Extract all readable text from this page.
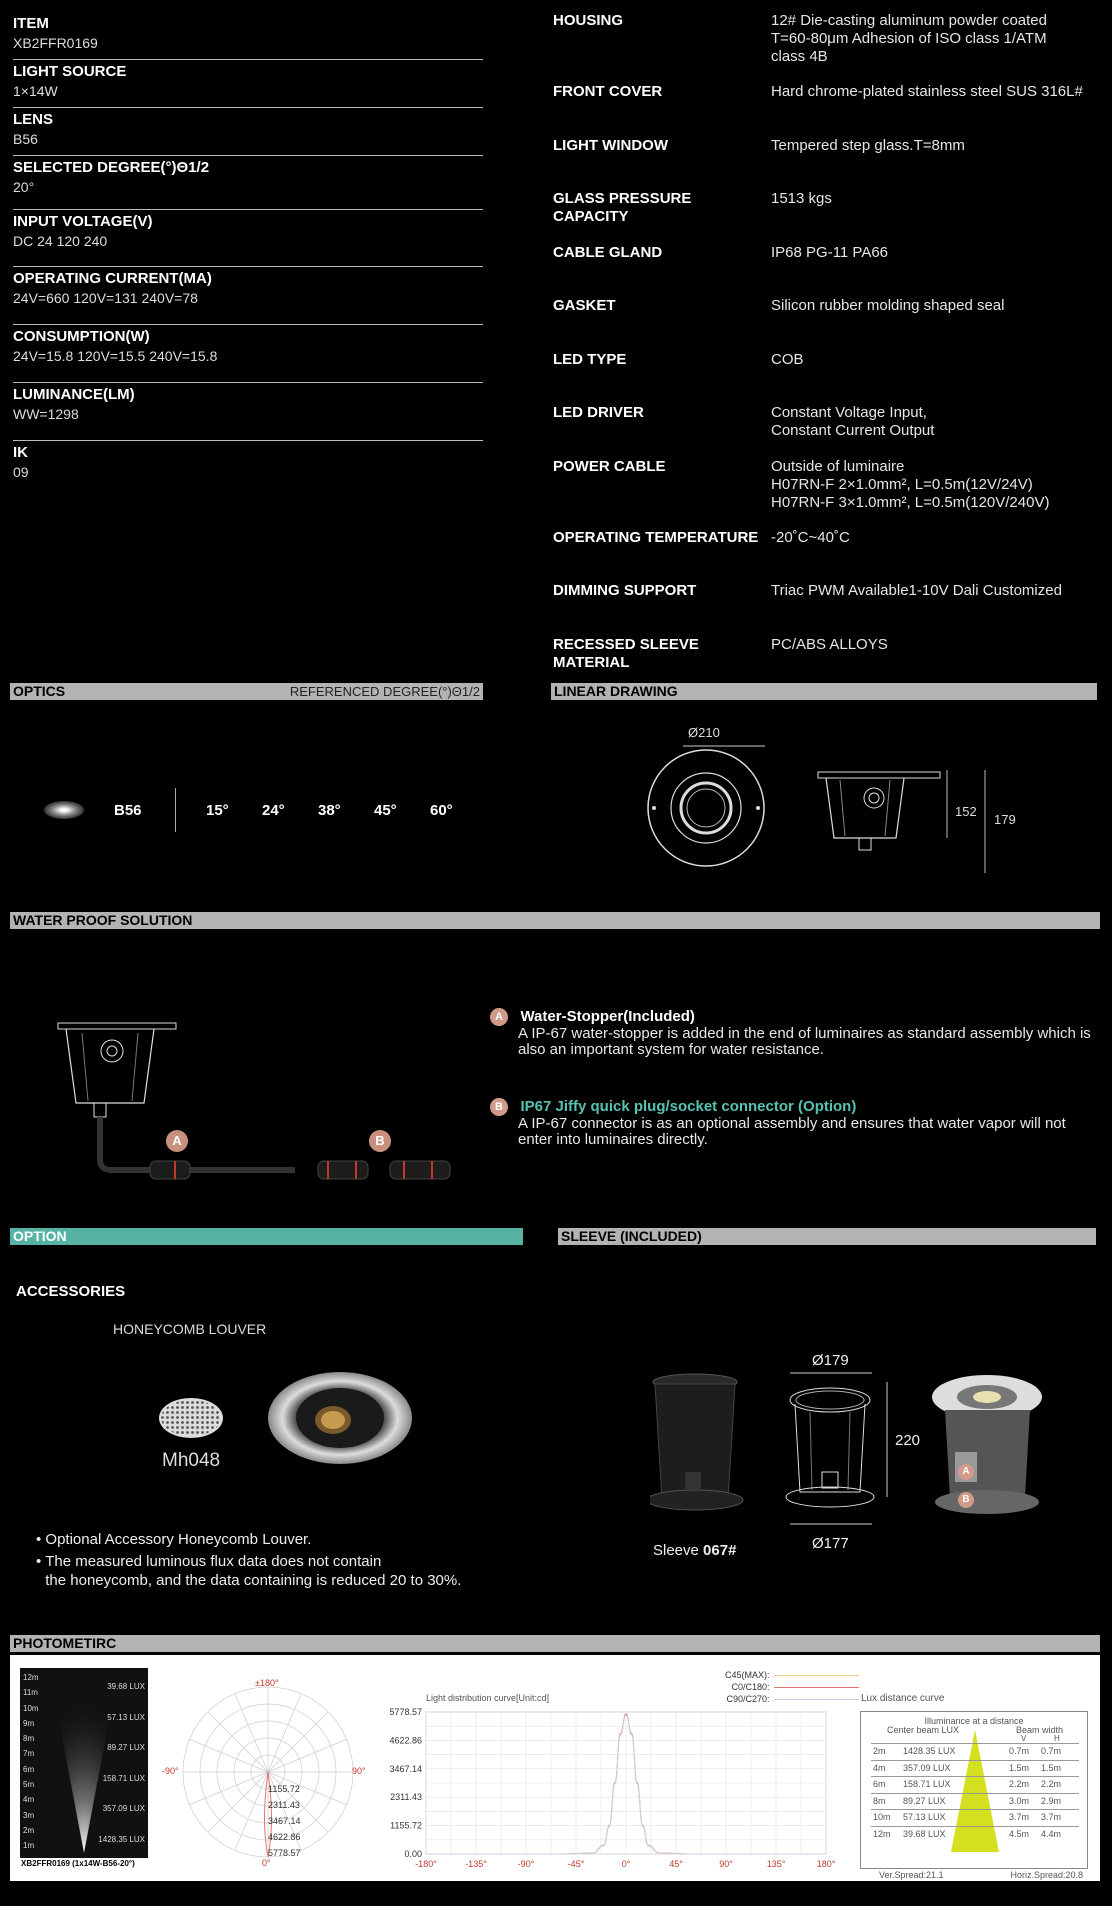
ITEM
XB2FFR0169
LIGHT SOURCE
1×14W
LENS
B56
SELECTED DEGREE(°)Θ1/2
20°
INPUT VOLTAGE(V)
DC 24 120 240
OPERATING CURRENT(MA)
24V=660 120V=131 240V=78
CONSUMPTION(W)
24V=15.8 120V=15.5 240V=15.8
LUMINANCE(LM)
WW=1298
IK
09
HOUSING	12# Die-casting aluminum powder coated
T=60-80μm Adhesion of ISO class 1/ATM
class 4B
FRONT COVER	Hard chrome-plated stainless steel SUS 316L#
LIGHT WINDOW	Tempered step glass.T=8mm
GLASS PRESSURE CAPACITY
1513 kgs
CABLE GLAND	IP68 PG-11 PA66
GASKET	Silicon rubber molding shaped seal
LED TYPE	COB
LED DRIVER	Constant Voltage Input,
Constant Current Output
POWER CABLE	Outside of luminaire
H07RN-F 2×1.0mm², L=0.5m(12V/24V)
H07RN-F 3×1.0mm², L=0.5m(120V/240V)
OPERATING TEMPERATURE -20˚C~40˚C
DIMMING SUPPORT	Triac PWM Available1-10V Dali Customized
RECESSED SLEEVE MATERIAL
PC/ABS ALLOYS
OPTICS	REFERENCED DEGREE(°)Θ1/2
B56	15°	24°	38°	45°	60°
LINEAR DRAWING
Ø210
152
179
WATER PROOF SOLUTION
A	B
A Water-Stopper(Included)
A IP-67 water-stopper is added in the end of luminaires as standard assembly which is also an important system for water resistance.
B IP67 Jiffy quick plug/socket connector (Option)
A IP-67 connector is as an optional assembly and ensures that water vapor will not enter into luminaires directly.
OPTION
ACCESSORIES
HONEYCOMB LOUVER
Mh048
• Optional Accessory Honeycomb Louver.
• The measured luminous flux data does not contain
the honeycomb, and the data containing is reduced 20 to 30%.
SLEEVE (INCLUDED)
Ø179
220
Ø177
A
B
Sleeve 067#
PHOTOMETIRC
12m
11m
10m
9m
8m
7m
6m
5m
4m
3m
2m
1m
39.68 LUX
57.13 LUX
89.27 LUX
158.71 LUX
357.09 LUX
1428.35 LUX
XB2FFR0169 (1x14W-B56-20°)
±180°
-90°	90°
0°
1155.72
2311.43
3467.14
4622.86
5778.57
C45(MAX):
C0/C180:
C90/C270:
Light distribution curve[Unit:cd]
0.00
1155.72
2311.43
3467.14
4622.86
5778.57
-180°	-135°	-90°	-45°	0°	45°	90°	135°	180°
Lux distance curve
Illuminance at a distance
Center beam LUX	Beam width
V	H
2m 1428.35 LUX	0.7m 0.7m
4m 357.09 LUX	1.5m 1.5m
6m 158.71 LUX	2.2m 2.2m
8m 89.27 LUX	3.0m 2.9m
10m 57.13 LUX	3.7m 3.7m
12m 39.68 LUX	4.5m 4.4m
Ver.Spread:21.1	Horiz.Spread:20.8
